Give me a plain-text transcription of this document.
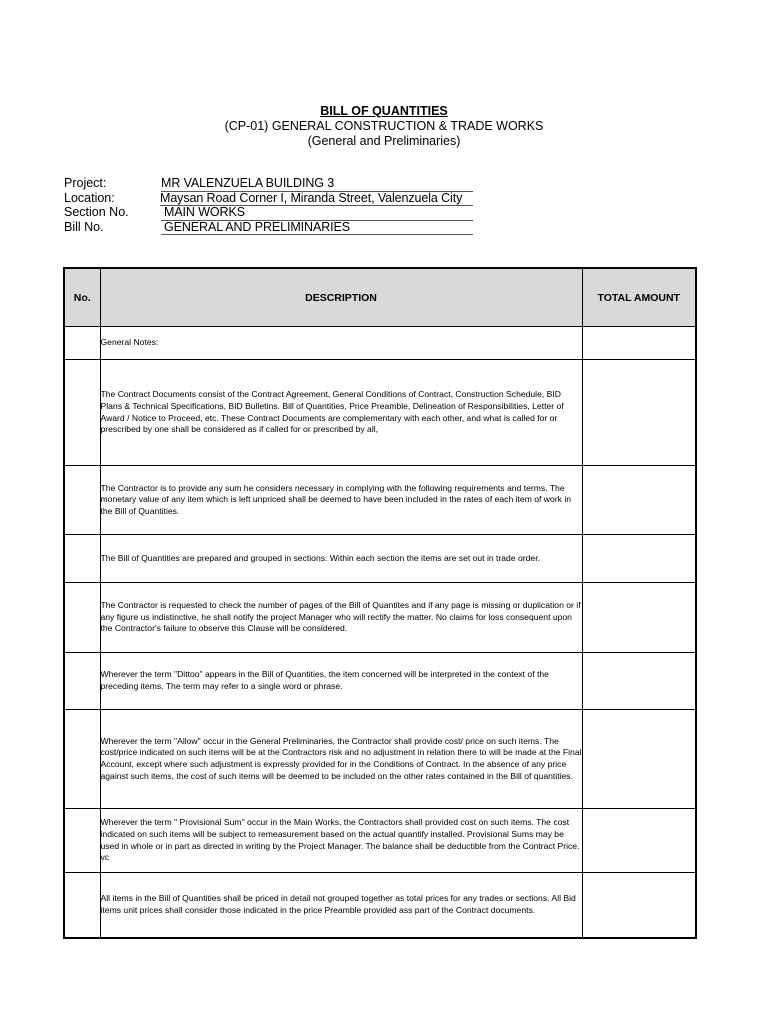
BILL OF QUANTITIES
(CP-01) GENERAL CONSTRUCTION & TRADE WORKS
(General and Preliminaries)
Project:	MR VALENZUELA BUILDING 3
Location:	Maysan Road Corner I, Miranda Street, Valenzuela City
Section No.	MAIN WORKS
Bill No.	GENERAL AND PRELIMINARIES
No.	DESCRIPTION	TOTAL AMOUNT
	General Notes:	
	The Contract Documents consist of the Contract Agreement, General Conditions of Contract, Construction Schedule, BID Plans & Technical Specifications, BID Bulletins. Bill of Quantities, Price Preamble, Delineation of Responsibilities, Letter of Award / Notice to Proceed, etc. These Contract Documents are complementary with each other, and what is called for or prescribed by one shall be considered as if called for or prescribed by all,	
	The Contractor is to provide any sum he considers necessary in complying with the following requirements and terms. The monetary value of any item which is left unpriced shall be deemed to have been included in the rates of each item of work in the Bill of Quantities.	
	The Bill of Quantities are prepared and grouped in sections. Within each section the items are set out in trade order.	
	The Contractor is requested to check the number of pages of the Bill of Quantites and if any page is missing or duplication or if any figure us indistinctive, he shall notify the project Manager who will rectify the matter. No claims for loss consequent upon the Contractor's failure to observe this Clause will be considered.	
	Wherever the term "Dittoo" appears in the Bill of Quantities, the item concerned will be interpreted in the context of the preceding items. The term may refer to a single word or phrase.	
	Wherever the term "Allow" occur in the General Preliminaries, the Contractor shall provide cost/ price on such items. The cost/price indicated on such items will be at the Contractors risk and no adjustment in relation there to will be made at the Final Account, except where such adjustment is expressly provided for in the Conditions of Contract. In the absence of any price against such items, the cost of such items will be deemed to be included on the other rates contained in the Bill of quantities.	
	Wherever the term " Provisional Sum" occur in the Main Works, the Contractors shall provided cost on such items. The cost indicated on such items will be subject to remeasurement based on the actual quantify installed. Provisional Sums may be used in whole or in part as directed in writing by the Project Manager. The balance shall be deductible from the Contract Price. vc	
	All items in the Bill of Quantities shall be priced in detail not grouped together as total prices for any trades or sections. All Bid items unit prices shall consider those indicated in the price Preamble provided ass part of the Contract documents.	
